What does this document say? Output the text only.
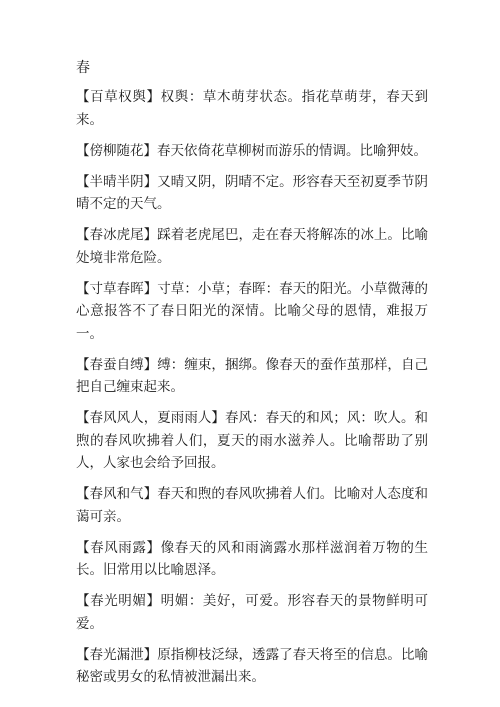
春

【百草权舆】权舆：草木萌芽状态。指花草萌芽，春天到来。

【傍柳随花】春天依倚花草柳树而游乐的情调。比喻狎妓。

【半晴半阴】又晴又阴，阴晴不定。形容春天至初夏季节阴晴不定的天气。

【春冰虎尾】踩着老虎尾巴，走在春天将解冻的冰上。比喻处境非常危险。

【寸草春晖】寸草：小草；春晖：春天的阳光。小草微薄的心意报答不了春日阳光的深情。比喻父母的恩情，难报万一。

【春蚕自缚】缚：缠束，捆绑。像春天的蚕作茧那样，自己把自己缠束起来。

【春风风人，夏雨雨人】春风：春天的和风；风：吹人。和煦的春风吹拂着人们，夏天的雨水滋养人。比喻帮助了别人，人家也会给予回报。

【春风和气】春天和煦的春风吹拂着人们。比喻对人态度和蔼可亲。

【春风雨露】像春天的风和雨滴露水那样滋润着万物的生长。旧常用以比喻恩泽。

【春光明媚】明媚：美好，可爱。形容春天的景物鲜明可爱。

【春光漏泄】原指柳枝泛绿，透露了春天将至的信息。比喻秘密或男女的私情被泄漏出来。
